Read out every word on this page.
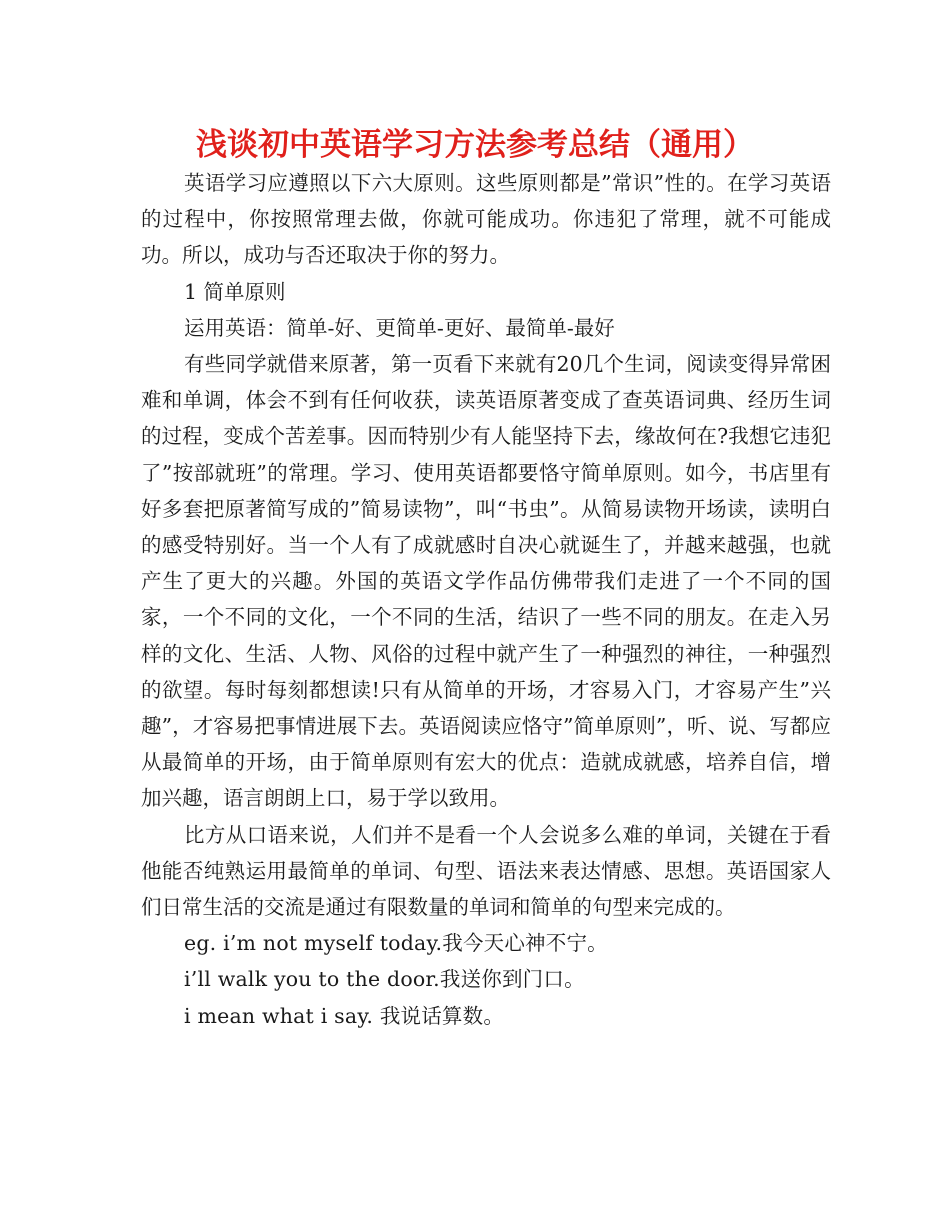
浅谈初中英语学习方法参考总结（通用）

英语学习应遵照以下六大原则。这些原则都是”常识”性的。在学习英语的过程中，你按照常理去做，你就可能成功。你违犯了常理，就不可能成功。所以，成功与否还取决于你的努力。

1 简单原则

运用英语：简单-好、更简单-更好、最简单-最好

有些同学就借来原著，第一页看下来就有20几个生词，阅读变得异常困难和单调，体会不到有任何收获，读英语原著变成了查英语词典、经历生词的过程，变成个苦差事。因而特别少有人能坚持下去，缘故何在?我想它违犯了”按部就班”的常理。学习、使用英语都要恪守简单原则。如今，书店里有好多套把原著简写成的”简易读物”，叫“书虫”。从简易读物开场读，读明白的感受特别好。当一个人有了成就感时自决心就诞生了，并越来越强，也就产生了更大的兴趣。外国的英语文学作品仿佛带我们走进了一个不同的国家，一个不同的文化，一个不同的生活，结识了一些不同的朋友。在走入另样的文化、生活、人物、风俗的过程中就产生了一种强烈的神往，一种强烈的欲望。每时每刻都想读!只有从简单的开场，才容易入门，才容易产生”兴趣”，才容易把事情进展下去。英语阅读应恪守”简单原则”，听、说、写都应从最简单的开场，由于简单原则有宏大的优点：造就成就感，培养自信，增加兴趣，语言朗朗上口，易于学以致用。

比方从口语来说，人们并不是看一个人会说多么难的单词，关键在于看他能否纯熟运用最简单的单词、句型、语法来表达情感、思想。英语国家人们日常生活的交流是通过有限数量的单词和简单的句型来完成的。

eg. i’m not myself today.我今天心神不宁。

i’ll walk you to the door.我送你到门口。

i mean what i say. 我说话算数。
